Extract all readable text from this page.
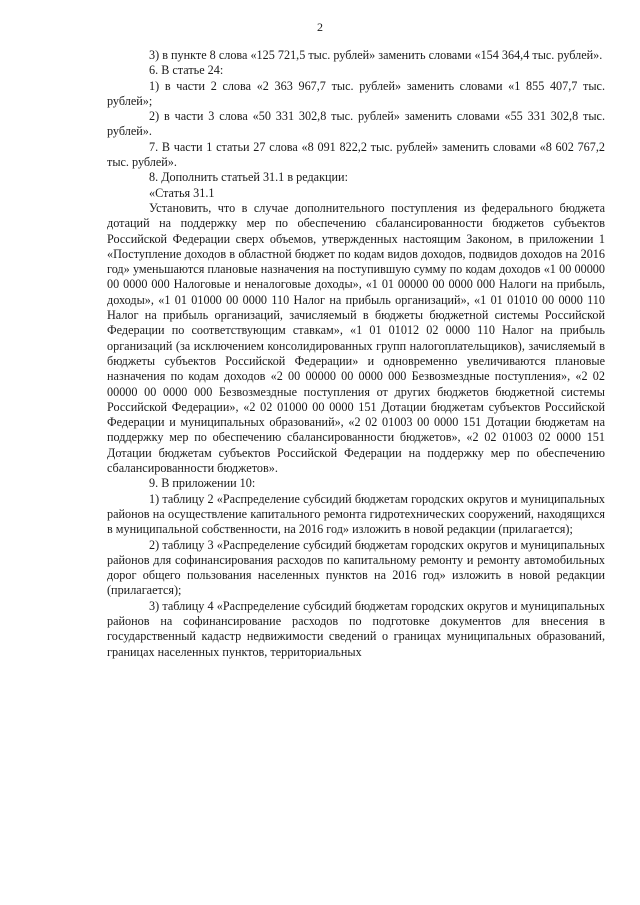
2

3) в пункте 8 слова «125 721,5 тыс. рублей» заменить словами «154 364,4 тыс. рублей».

6. В статье 24:

1) в части 2 слова «2 363 967,7 тыс. рублей» заменить словами «1 855 407,7 тыс. рублей»;

2) в части 3 слова «50 331 302,8 тыс. рублей» заменить словами «55 331 302,8 тыс. рублей».

7. В части 1 статьи 27 слова «8 091 822,2 тыс. рублей» заменить словами «8 602 767,2 тыс. рублей».

8. Дополнить статьей 31.1 в редакции:

«Статья 31.1

Установить, что в случае дополнительного поступления из федерального бюджета дотаций на поддержку мер по обеспечению сбалансированности бюджетов субъектов Российской Федерации сверх объемов, утвержденных настоящим Законом, в приложении 1 «Поступление доходов в областной бюджет по кодам видов доходов, подвидов доходов на 2016 год» уменьшаются плановые назначения на поступившую сумму по кодам доходов «1 00 00000 00 0000 000 Налоговые и неналоговые доходы», «1 01 00000 00 0000 000 Налоги на прибыль, доходы», «1 01 01000 00 0000 110 Налог на прибыль организаций», «1 01 01010 00 0000 110 Налог на прибыль организаций, зачисляемый в бюджеты бюджетной системы Российской Федерации по соответствующим ставкам», «1 01 01012 02 0000 110 Налог на прибыль организаций (за исключением консолидированных групп налогоплательщиков), зачисляемый в бюджеты субъектов Российской Федерации» и одновременно увеличиваются плановые назначения по кодам доходов «2 00 00000 00 0000 000 Безвозмездные поступления», «2 02 00000 00 0000 000 Безвозмездные поступления от других бюджетов бюджетной системы Российской Федерации», «2 02 01000 00 0000 151 Дотации бюджетам субъектов Российской Федерации и муниципальных образований», «2 02 01003 00 0000 151 Дотации бюджетам на поддержку мер по обеспечению сбалансированности бюджетов», «2 02 01003 02 0000 151 Дотации бюджетам субъектов Российской Федерации на поддержку мер по обеспечению сбалансированности бюджетов».

9. В приложении 10:

1) таблицу 2 «Распределение субсидий бюджетам городских округов и муниципальных районов на осуществление капитального ремонта гидротехнических сооружений, находящихся в муниципальной собственности, на 2016 год» изложить в новой редакции (прилагается);

2) таблицу 3 «Распределение субсидий бюджетам городских округов и муниципальных районов для софинансирования расходов по капитальному ремонту и ремонту автомобильных дорог общего пользования населенных пунктов на 2016 год» изложить в новой редакции (прилагается);

3) таблицу 4 «Распределение субсидий бюджетам городских округов и муниципальных районов на софинансирование расходов по подготовке документов для внесения в государственный кадастр недвижимости сведений о границах муниципальных образований, границах населенных пунктов, территориальных
